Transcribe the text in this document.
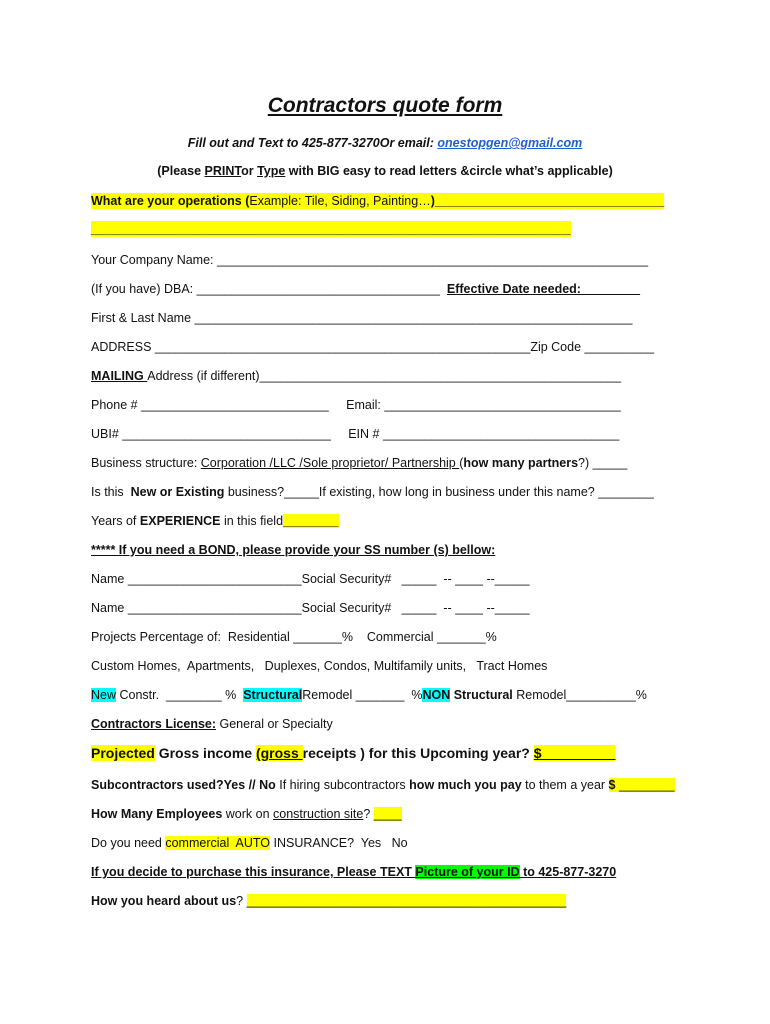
Contractors quote form
Fill out and Text to 425-877-3270Or email: onestopgen@gmail.com
(Please PRINTor Type with BIG easy to read letters &circle what’s applicable)
What are your operations (Example: Tile, Siding, Painting…)_________________________________
_____________________________________________________________________
Your Company Name: ______________________________________________________________
(If you have) DBA: ___________________________________ Effective Date needed: ________
First & Last Name _______________________________________________________________
ADDRESS ______________________________________________________Zip Code __________
MAILING Address (if different)____________________________________________________
Phone # ___________________________     Email: __________________________________
UBI# ______________________________     EIN # __________________________________
Business structure: Corporation /LLC /Sole proprietor/ Partnership (how many partners?) _____
Is this  New or Existing business?_____If existing, how long in business under this name? ________
Years of EXPERIENCE in this field________
***** If you need a BOND, please provide your SS number (s) bellow:
Name _________________________Social Security#   _____  -- ____ --_____
Name _________________________Social Security#   _____  -- ____ --_____
Projects Percentage of:  Residential _______%    Commercial _______%
Custom Homes,  Apartments,   Duplexes, Condos, Multifamily units,   Tract Homes
New Constr.  ________ %  StructuralRemodel _______  %NON Structural Remodel__________%
Contractors License: General or Specialty
Projected Gross income (gross receipts ) for this Upcoming year? $ _________
Subcontractors used?Yes // No If hiring subcontractors how much you pay to them a year $ ________
How Many Employees work on construction site? ____
Do you need commercial  AUTO INSURANCE?  Yes   No
If you decide to purchase this insurance, Please TEXT Picture of your ID to 425-877-3270
How you heard about us? ______________________________________________
